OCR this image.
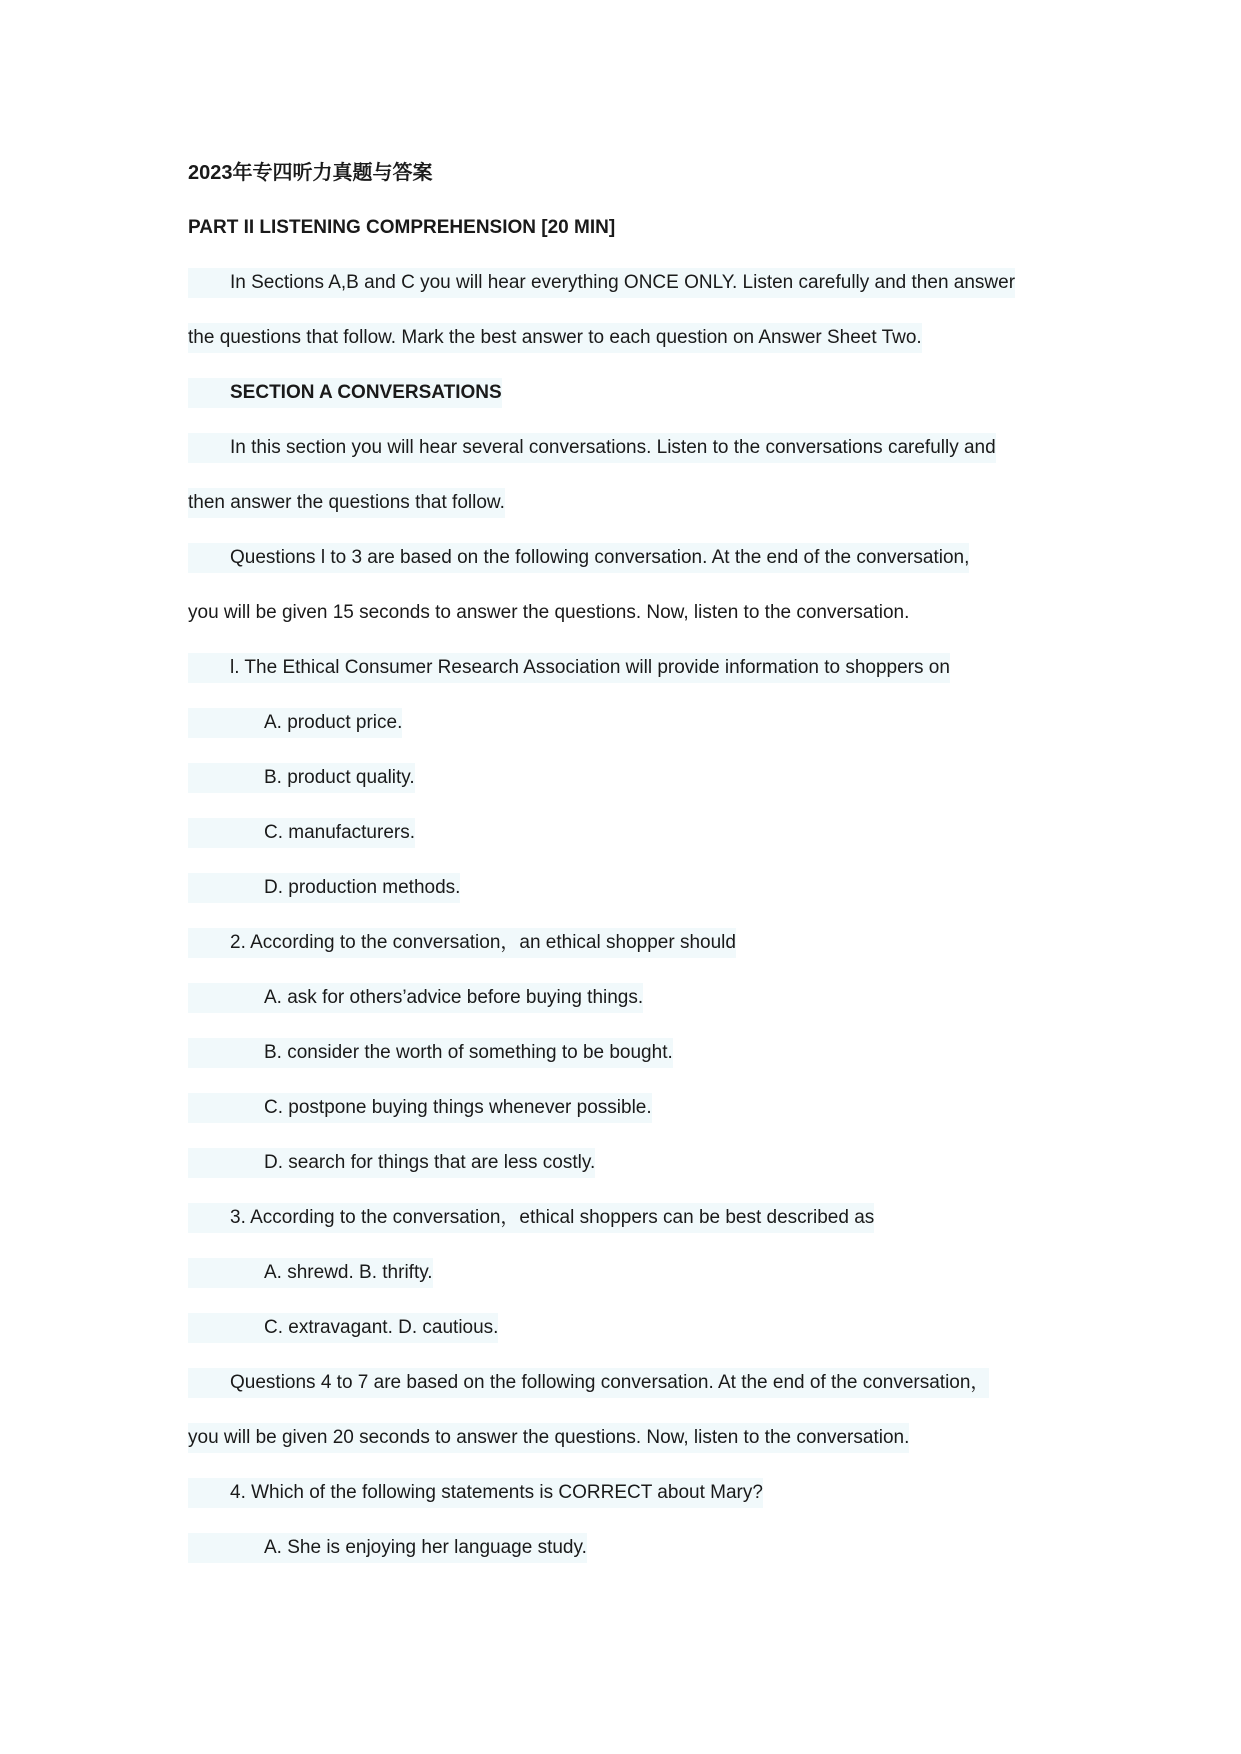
2023年专四听力真题与答案
PART II LISTENING COMPREHENSION [20 MIN]
In Sections A,B and C you will hear everything ONCE ONLY. Listen carefully and then answer
the questions that follow. Mark the best answer to each question on Answer Sheet Two.
SECTION A CONVERSATIONS
In this section you will hear several conversations. Listen to the conversations carefully and
then answer the questions that follow.
Questions l to 3 are based on the following conversation. At the end of the conversation,
you will be given 15 seconds to answer the questions. Now, listen to the conversation.
l. The Ethical Consumer Research Association will provide information to shoppers on
A. product price.
B. product quality.
C. manufacturers.
D. production methods.
2. According to the conversation，an ethical shopper should
A. ask for others’advice before buying things.
B. consider the worth of something to be bought.
C. postpone buying things whenever possible.
D. search for things that are less costly.
3. According to the conversation，ethical shoppers can be best described as
A. shrewd. B. thrifty.
C. extravagant. D. cautious.
Questions 4 to 7 are based on the following conversation. At the end of the conversation，
you will be given 20 seconds to answer the questions. Now, listen to the conversation.
4. Which of the following statements is CORRECT about Mary?
A. She is enjoying her language study.
